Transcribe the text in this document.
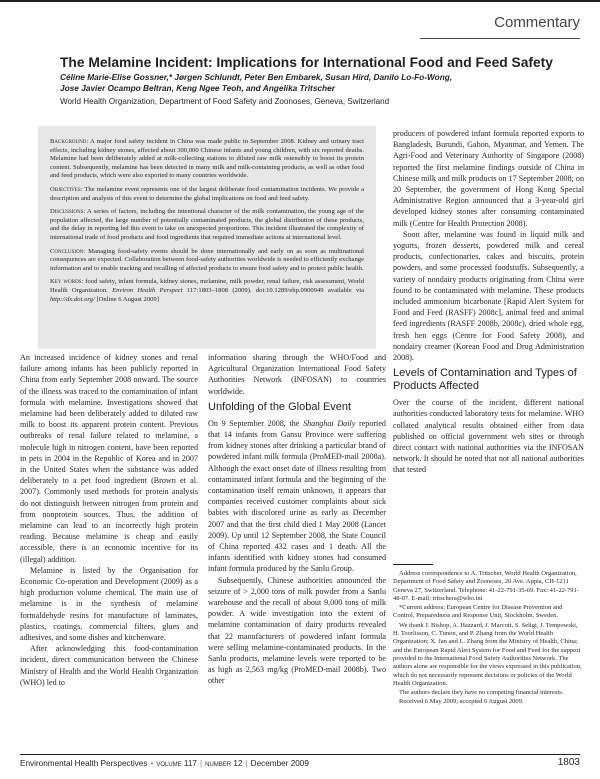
Commentary
The Melamine Incident: Implications for International Food and Feed Safety
Céline Marie-Elise Gossner,* Jørgen Schlundt, Peter Ben Embarek, Susan Hird, Danilo Lo-Fo-Wong,
Jose Javier Ocampo Beltran, Keng Ngee Teoh, and Angelika Tritscher
World Health Organization, Department of Food Safety and Zoonoses, Geneva, Switzerland

Background: A major food safety incident in China was made public in September 2008. Kidney and urinary tract effects, including kidney stones, affected about 300,000 Chinese infants and young children, with six reported deaths. Melamine had been deliberately added at milk-collecting stations to diluted raw milk ostensibly to boost its protein content. Subsequently, melamine has been detected in many milk and milk-containing products, as well as other food and feed products, which were also exported to many countries worldwide.

Objectives: The melamine event represents one of the largest deliberate food contamination incidents. We provide a description and analysis of this event to determine the global implications on food and feed safety.

Discussions: A series of factors, including the intentional character of the milk contamination, the young age of the population affected, the large number of potentially contaminated products, the global distribution of these products, and the delay in reporting led this event to take on unexpected proportions. This incident illustrated the complexity of international trade of food products and food ingredients that required immediate actions at international level.

Conclusion: Managing food-safety events should be done internationally and early on as soon as multinational consequences are expected. Collaboration between food-safety authorities worldwide is needed to efficiently exchange information and to enable tracking and recalling of affected products to ensure food safety and to protect public health.

Key words: food safety, infant formula, kidney stones, melamine, milk powder, renal failure, risk assessment, World Health Organization. Environ Health Perspect 117:1803–1808 (2009). doi:10.1289/ehp.0900949 available via http://dx.doi.org/ [Online 6 August 2009]

An increased incidence of kidney stones and renal failure among infants has been publicly reported in China from early September 2008 onward. The source of the illness was traced to the contamination of infant formula with melamine. Investigations showed that melamine had been deliberately added to diluted raw milk to boost its apparent protein content. Previous outbreaks of renal failure related to melamine, a molecule high in nitrogen content, have been reported in pets in 2004 in the Republic of Korea and in 2007 in the United States when the substance was added deliberately to a pet food ingredient (Brown et al. 2007). Commonly used methods for protein analysis do not distinguish between nitrogen from protein and from nonprotein sources. Thus, the addition of melamine can lead to an incorrectly high protein reading. Because melamine is cheap and easily accessible, there is an economic incentive for its (illegal) addition.

Melamine is listed by the Organisation for Economic Co-operation and Development (2009) as a high production volume chemical. The main use of melamine is in the synthesis of melamine formaldehyde resins for manufacture of laminates, plastics, coatings, commercial filters, glues and adhesives, and some dishes and kitchenware.

After acknowledging this food-contamination incident, direct communication between the Chinese Ministry of Health and the World Health Organization (WHO) led to

information sharing through the WHO/Food and Agricultural Organization International Food Safety Authorities Network (INFOSAN) to countries worldwide.

Unfolding of the Global Event

On 9 September 2008, the Shanghai Daily reported that 14 infants from Gansu Province were suffering from kidney stones after drinking a particular brand of powdered infant milk formula (ProMED-mail 2008a). Although the exact onset date of illness resulting from contaminated infant formula and the beginning of the contamination itself remain unknown, it appears that companies received customer complaints about sick babies with discolored urine as early as December 2007 and that the first child died 1 May 2008 (Lancet 2009). Up until 12 September 2008, the State Council of China reported 432 cases and 1 death. All the infants identified with kidney stones had consumed infant formula produced by the Sanlu Group.

Subsequently, Chinese authorities announced the seizure of > 2,000 tons of milk powder from a Sanlu warehouse and the recall of about 9,000 tons of milk powder. A wide investigation into the extent of melamine contamination of dairy products revealed that 22 manufacturers of powdered infant formula were selling melamine-contaminated products. In the Sanlu products, melamine levels were reported to be as high as 2,563 mg/kg (ProMED-mail 2008b). Two other

producers of powdered infant formula reported exports to Bangladesh, Burundi, Gabon, Myanmar, and Yemen. The Agri-Food and Veterinary Authority of Singapore (2008) reported the first melamine findings outside of China in Chinese milk and milk products on 17 September 2008; on 20 September, the government of Hong Kong Special Administrative Region announced that a 3-year-old girl developed kidney stones after consuming contaminated milk (Centre for Health Protection 2008).

Soon after, melamine was found in liquid milk and yogurts, frozen desserts, powdered milk and cereal products, confectionaries, cakes and biscuits, protein powders, and some processed foodstuffs. Subsequently, a variety of nondairy products originating from China were found to be contaminated with melamine. These products included ammonium bicarbonate [Rapid Alert System for Food and Feed (RASFF) 2008c], animal feed and animal feed ingredients (RASFF 2008b, 2008c), dried whole egg, fresh hen eggs (Centre for Food Safety 2008), and nondairy creamer (Korean Food and Drug Administration 2008).

Levels of Contamination and Types of Products Affected

Over the course of the incident, different national authorities conducted laboratory tests for melamine. WHO collated analytical results obtained either from data published on official government web sites or through direct contact with national authorities via the INFOSAN network. It should be noted that not all national authorities that tested

Address correspondence to A. Tritscher, World Health Organization, Department of Food Safety and Zoonoses, 20 Ave. Appia, CH-1211 Geneva 27, Switzerland. Telephone: 41-22-791-35-69. Fax: 41-22-791-48-07. E-mail: tritschera@who.int

*Current address: European Centre for Disease Prevention and Control, Preparedness and Response Unit, Stockholm, Sweden.

We thank J. Bishop, A. Hazzard, J. Marcott, S. Seligi, J. Tempowski, H. Toorlisson, C. Tunon, and P. Zhang from the World Health Organization; X. Jan and L. Zhang from the Ministry of Health, China; and the European Rapid Alert System for Food and Feed for the support provided to the International Food Safety Authorities Network. The authors alone are responsible for the views expressed in this publication, which do not necessarily represent decisions or policies of the World Health Organization.

The authors declare they have no competing financial interests.

Received 6 May 2009; accepted 6 August 2009.

Environmental Health Perspectives • volume 117 | number 12 | December 2009	1803
